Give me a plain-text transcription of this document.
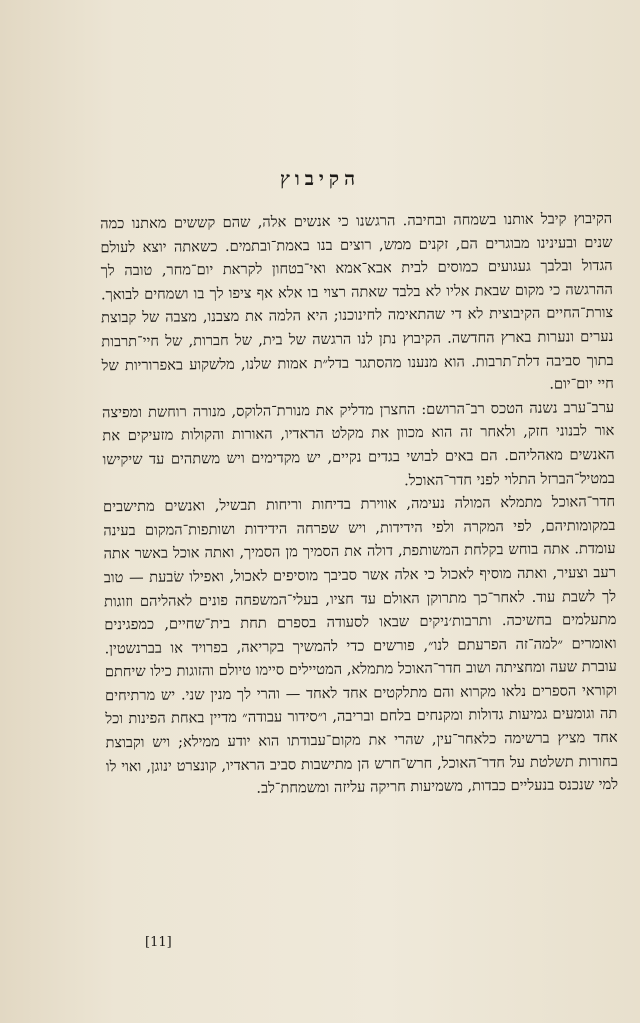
הקיבוץ

הקיבוץ קיבל אותנו בשמחה ובחיבה. הרגשנו כי אנשים אלה, שהם קששים מאתנו כמה שנים ובעינינו מבוגרים הם, זקנים ממש, רוצים בנו באמת־ובתמים. כשאתה יוצא לעולם הגדול ובלבך געגועים כמוסים לבית אבא־אמא ואי־בטחון לקראת יום־מחר, טובה לך ההרגשה כי מקום שבאת אליו לא בלבד שאתה רצוי בו אלא אף ציפו לך בו ושמחים לבואך. צורת־החיים הקיבוצית לא די שהתאימה לחינוכנו; היא הלמה את מצבנו, מצבה של קבוצת נערים ונערות בארץ החדשה. הקיבוץ נתן לנו הרגשה של בית, של חברות, של חיי־תרבות בתוך סביבה דלת־תרבות. הוא מנענו מהסתגר בדל״ת אמות שלנו, מלשקוע באפרוריות של חיי יום־יום.

ערב־ערב נשנה הטכס רב־הרושם: החצרן מדליק את מנורת־הלוקס, מנורה רוחשת ומפיצה אור לבנוני חזק, ולאחר זה הוא מכוון את מקלט הראדיו, האורות והקולות מזעיקים את האנשים מאהליהם. הם באים לבושי בגדים נקיים, יש מקדימים ויש משתהים עד שיקישו במטיל־הברזל התלוי לפני חדר־האוכל.

חדר־האוכל מתמלא המולה נעימה, אווירת בדיחות וריחות תבשיל, ואנשים מתישבים במקומותיהם, לפי המקרה ולפי הידידות, ויש שפרחה הידידות ושותפות־המקום בעינה עומדת. אתה בוחש בקלחת המשותפת, דולה את הסמיך מן הסמיך, ואתה אוכל באשר אתה רעב וצעיר, ואתה מוסיף לאכול כי אלה אשר סביבך מוסיפים לאכול, ואפילו שׂבעת — טוב לך לשבת עוד. לאחר־כך מתרוקן האולם עד חציו, בעלי־המשפחה פונים לאהליהם וזוגות מתעלמים בחשיכה. ותרבות׳ניקים שבאו לסעודה בספרם תחת בית־שחיים, כמפגינים ואומרים ״למה־זה הפרעתם לנו״, פורשים כדי להמשיך בקריאה, בפרויד או בברנשטין. עוברת שעה ומחציתה ושוב חדר־האוכל מתמלא, המטיילים סיימו טיולם והזוגות כילו שיחתם וקוראי הספרים נלאו מקרוא והם מתלקטים אחד לאחד — והרי לך מנין שני. יש מרתיחים תה וגומעים גמיעות גדולות ומקנחים בלחם ובריבה, ו״סידור עבודה״ מדיין באחת הפינות וכל אחד מציץ ברשימה כלאחר־עין, שהרי את מקום־עבודתו הוא יודע ממילא; ויש וקבוצת בחורות תשלטת על חדר־האוכל, חרש־חרש הן מתישבות סביב הראדיו, קונצרט ינוגן, ואוי לו למי שנכנס בנעליים כבדות, משמיעות חריקה עליזה ומשמחת־לב.

[11]
